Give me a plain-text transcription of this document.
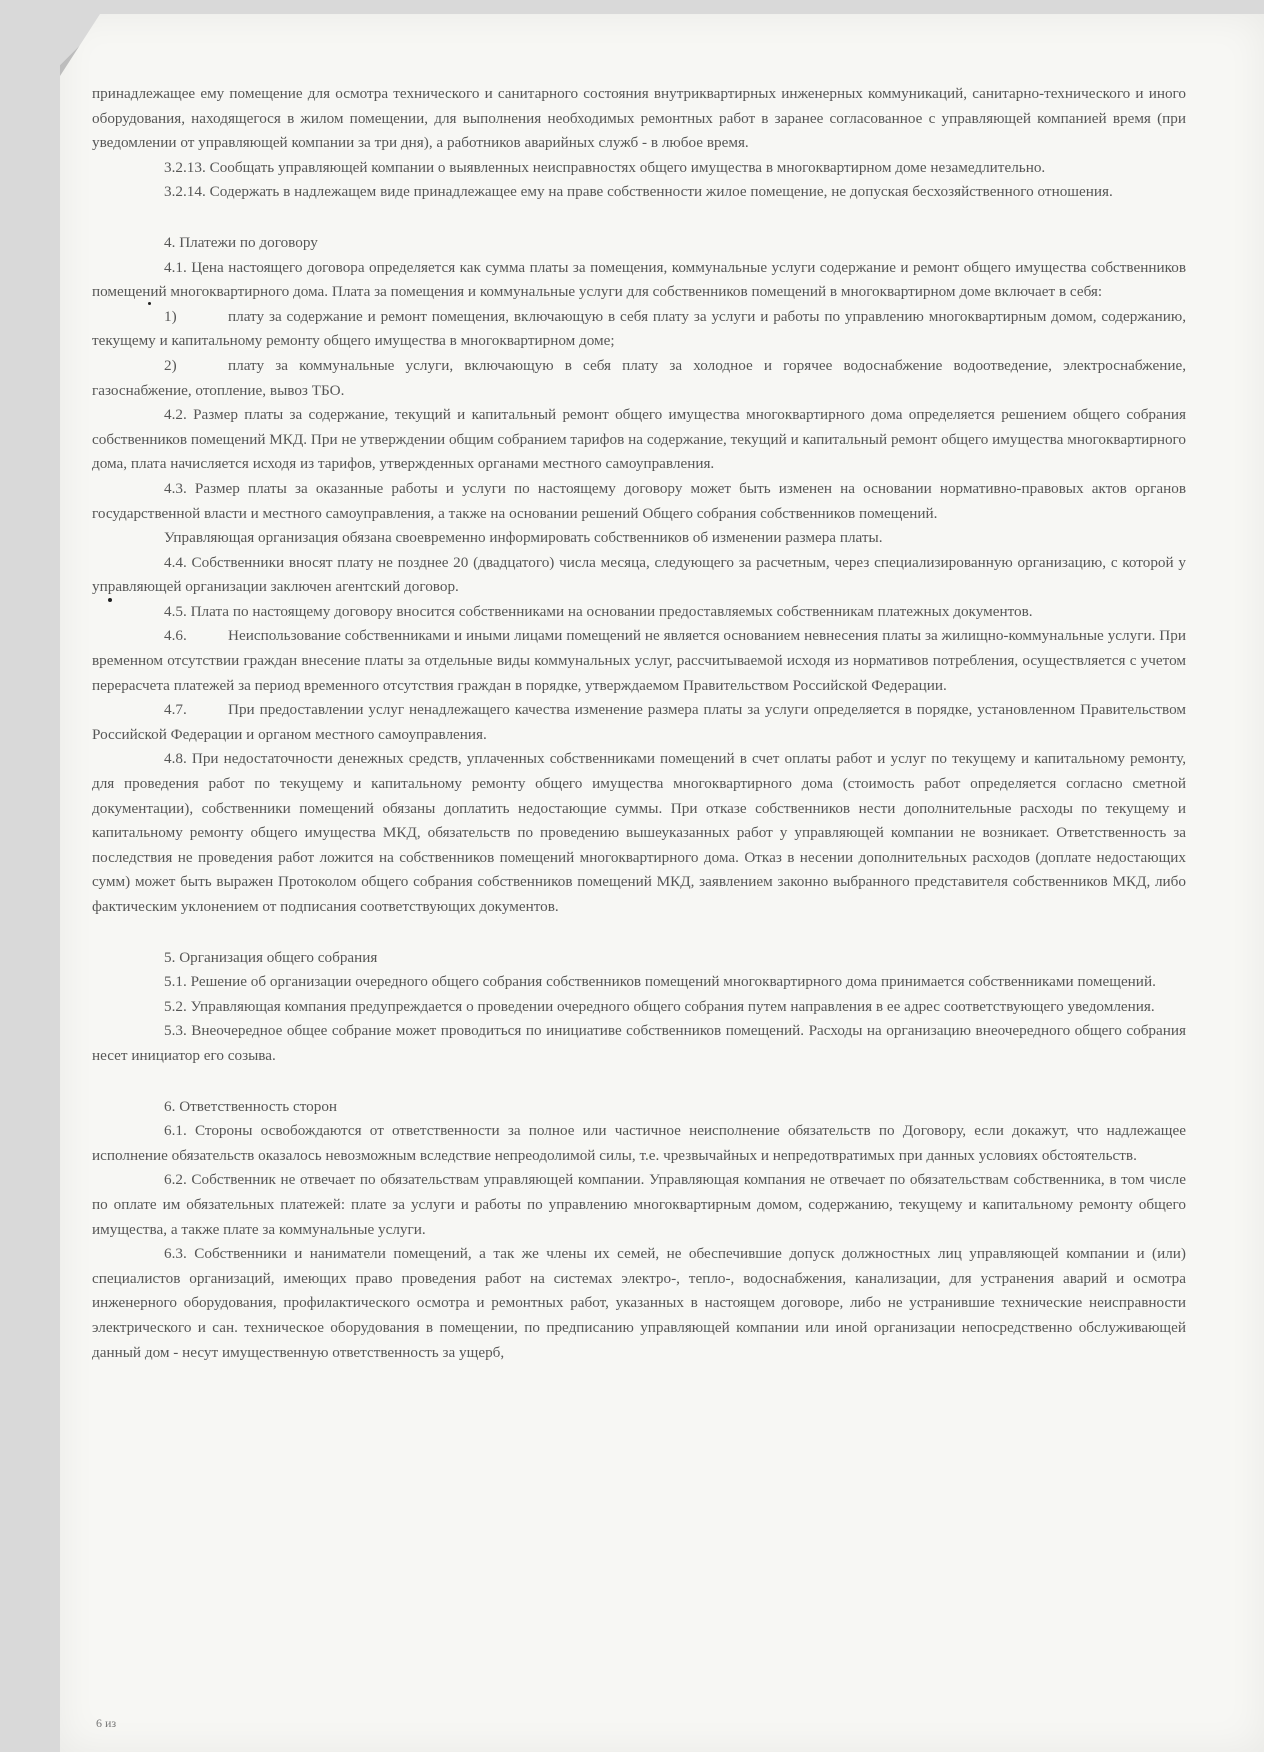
принадлежащее ему помещение для осмотра технического и санитарного состояния внутриквартирных инженерных коммуникаций, санитарно-технического и иного оборудования, находящегося в жилом помещении, для выполнения необходимых ремонтных работ в заранее согласованное с управляющей компанией время (при уведомлении от управляющей компании за три дня), а работников аварийных служб - в любое время.

3.2.13. Сообщать управляющей компании о выявленных неисправностях общего имущества в многоквартирном доме незамедлительно.

3.2.14. Содержать в надлежащем виде принадлежащее ему на праве собственности жилое помещение, не допуская бесхозяйственного отношения.

4. Платежи по договору

4.1. Цена настоящего договора определяется как сумма платы за помещения, коммунальные услуги содержание и ремонт общего имущества собственников помещений многоквартирного дома. Плата за помещения и коммунальные услуги для собственников помещений в многоквартирном доме включает в себя:

1)	плату за содержание и ремонт помещения, включающую в себя плату за услуги и работы по управлению многоквартирным домом, содержанию, текущему и капитальному ремонту общего имущества в многоквартирном доме;

2)	плату за коммунальные услуги, включающую в себя плату за холодное и горячее водоснабжение водоотведение, электроснабжение, газоснабжение, отопление, вывоз ТБО.

4.2. Размер платы за содержание, текущий и капитальный ремонт общего имущества многоквартирного дома определяется решением общего собрания собственников помещений МКД. При не утверждении общим собранием тарифов на содержание, текущий и капитальный ремонт общего имущества многоквартирного дома, плата начисляется исходя из тарифов, утвержденных органами местного самоуправления.

4.3. Размер платы за оказанные работы и услуги по настоящему договору может быть изменен на основании нормативно-правовых актов органов государственной власти и местного самоуправления, а также на основании решений Общего собрания собственников помещений.

Управляющая организация обязана своевременно информировать собственников об изменении размера платы.

4.4. Собственники вносят плату не позднее 20 (двадцатого) числа месяца, следующего за расчетным, через специализированную организацию, с которой у управляющей организации заключен агентский договор.

4.5. Плата по настоящему договору вносится собственниками на основании предоставляемых собственникам платежных документов.

4.6.	Неиспользование собственниками и иными лицами помещений не является основанием невнесения платы за жилищно-коммунальные услуги. При временном отсутствии граждан внесение платы за отдельные виды коммунальных услуг, рассчитываемой исходя из нормативов потребления, осуществляется с учетом перерасчета платежей за период временного отсутствия граждан в порядке, утверждаемом Правительством Российской Федерации.

4.7.	При предоставлении услуг ненадлежащего качества изменение размера платы за услуги определяется в порядке, установленном Правительством Российской Федерации и органом местного самоуправления.

4.8. При недостаточности денежных средств, уплаченных собственниками помещений в счет оплаты работ и услуг по текущему и капитальному ремонту, для проведения работ по текущему и капитальному ремонту общего имущества многоквартирного дома (стоимость работ определяется согласно сметной документации), собственники помещений обязаны доплатить недостающие суммы. При отказе собственников нести дополнительные расходы по текущему и капитальному ремонту общего имущества МКД, обязательств по проведению вышеуказанных работ у управляющей компании не возникает. Ответственность за последствия не проведения работ ложится на собственников помещений многоквартирного дома. Отказ в несении дополнительных расходов (доплате недостающих сумм) может быть выражен Протоколом общего собрания собственников помещений МКД, заявлением законно выбранного представителя собственников МКД, либо фактическим уклонением от подписания соответствующих документов.

5. Организация общего собрания

5.1. Решение об организации очередного общего собрания собственников помещений многоквартирного дома принимается собственниками помещений.

5.2. Управляющая компания предупреждается о проведении очередного общего собрания путем направления в ее адрес соответствующего уведомления.

5.3. Внеочередное общее собрание может проводиться по инициативе собственников помещений. Расходы на организацию внеочередного общего собрания несет инициатор его созыва.

6. Ответственность сторон

6.1. Стороны освобождаются от ответственности за полное или частичное неисполнение обязательств по Договору, если докажут, что надлежащее исполнение обязательств оказалось невозможным вследствие непреодолимой силы, т.е. чрезвычайных и непредотвратимых при данных условиях обстоятельств.

6.2. Собственник не отвечает по обязательствам управляющей компании. Управляющая компания не отвечает по обязательствам собственника, в том числе по оплате им обязательных платежей: плате за услуги и работы по управлению многоквартирным домом, содержанию, текущему и капитальному ремонту общего имущества, а также плате за коммунальные услуги.

6.3. Собственники и наниматели помещений, а так же члены их семей, не обеспечившие допуск должностных лиц управляющей компании и (или) специалистов организаций, имеющих право проведения работ на системах электро-, тепло-, водоснабжения, канализации, для устранения аварий и осмотра инженерного оборудования, профилактического осмотра и ремонтных работ, указанных в настоящем договоре, либо не устранившие технические неисправности электрического и сан. техническое оборудования в помещении, по предписанию управляющей компании или иной организации непосредственно обслуживающей данный дом - несут имущественную ответственность за ущерб,

6 из
